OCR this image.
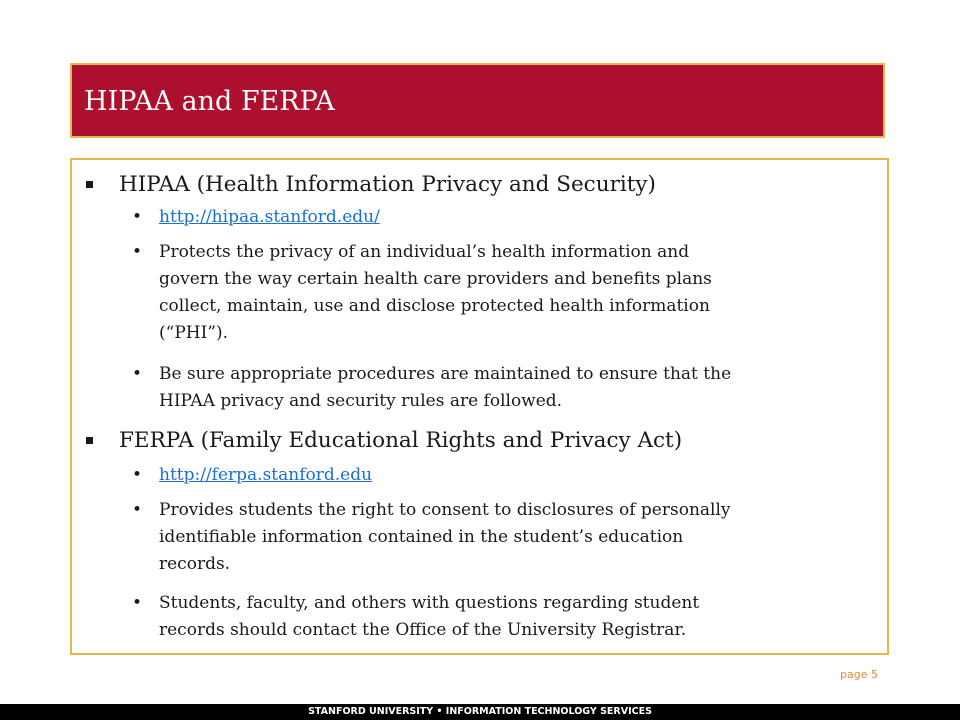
HIPAA and FERPA
HIPAA (Health Information Privacy and Security)
• http://hipaa.stanford.edu/
• Protects the privacy of an individual’s health information and
govern the way certain health care providers and benefits plans
collect, maintain, use and disclose protected health information
(“PHI”).
• Be sure appropriate procedures are maintained to ensure that the
HIPAA privacy and security rules are followed.
FERPA (Family Educational Rights and Privacy Act)
• http://ferpa.stanford.edu
• Provides students the right to consent to disclosures of personally
identifiable information contained in the student’s education
records.
• Students, faculty, and others with questions regarding student
records should contact the Office of the University Registrar.
page 5
STANFORD UNIVERSITY • INFORMATION TECHNOLOGY SERVICES
